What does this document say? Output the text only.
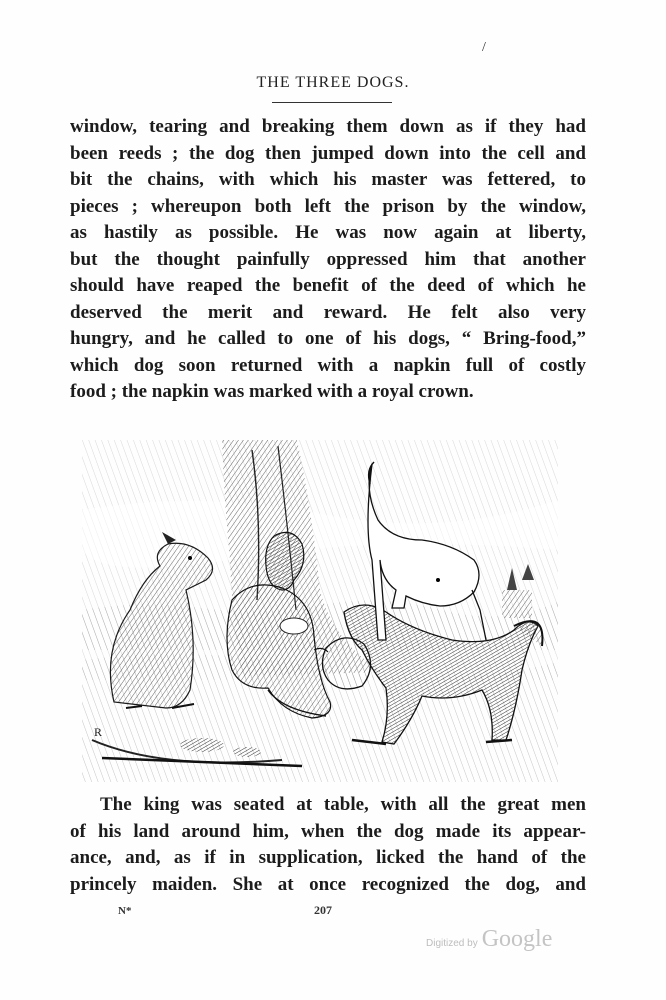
/
THE THREE DOGS.
window, tearing and breaking them down as if they had
been reeds ; the dog then jumped down into the cell and
bit the chains, with which his master was fettered, to
pieces ; whereupon both left the prison by the window,
as hastily as possible. He was now again at liberty,
but the thought painfully oppressed him that another
should have reaped the benefit of the deed of which he
deserved the merit and reward. He felt also very
hungry, and he called to one of his dogs, “ Bring-food,”
which dog soon returned with a napkin full of costly
food ; the napkin was marked with a royal crown.
R
The king was seated at table, with all the great men
of his land around him, when the dog made its appear-
ance, and, as if in supplication, licked the hand of the
princely maiden. She at once recognized the dog, and
N*	207
Digitized by Google
